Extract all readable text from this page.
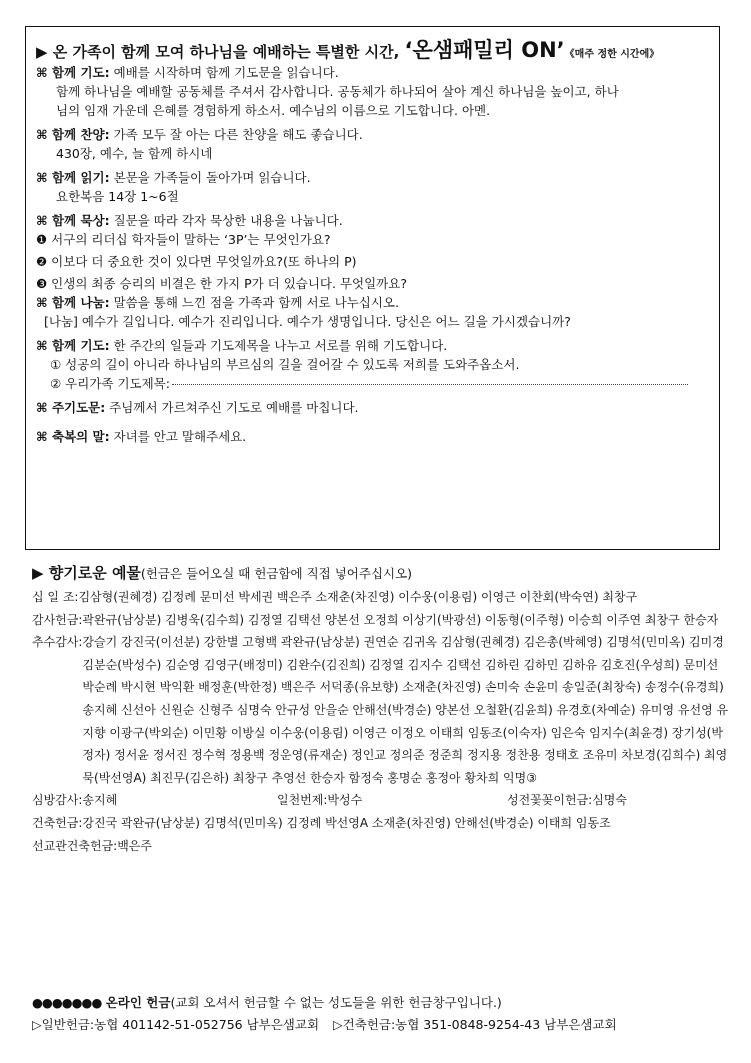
▶ 온 가족이 함께 모여 하나님을 예배하는 특별한 시간, ‘온샘패밀리 ON’《매주 정한 시간에》
⌘ 함께 기도: 예배를 시작하며 함께 기도문을 읽습니다.
함께 하나님을 예배할 공동체를 주셔서 감사합니다. 공동체가 하나되어 살아 계신 하나님을 높이고, 하나
님의 임재 가운데 은혜를 경험하게 하소서. 예수님의 이름으로 기도합니다. 아멘.
⌘ 함께 찬양: 가족 모두 잘 아는 다른 찬양을 해도 좋습니다.
430장, 예수, 늘 함께 하시네
⌘ 함께 읽기: 본문을 가족들이 돌아가며 읽습니다.
요한복음 14장 1~6절
⌘ 함께 묵상: 질문을 따라 각자 묵상한 내용을 나눕니다.
❶ 서구의 리더십 학자들이 말하는 ‘3P’는 무엇인가요?
❷ 이보다 더 중요한 것이 있다면 무엇일까요?(또 하나의 P)
❸ 인생의 최종 승리의 비결은 한 가지 P가 더 있습니다. 무엇일까요?
⌘ 함께 나눔: 말씀을 통해 느낀 점을 가족과 함께 서로 나누십시오.
[나눔] 예수가 길입니다. 예수가 진리입니다. 예수가 생명입니다. 당신은 어느 길을 가시겠습니까?
⌘ 함께 기도: 한 주간의 일들과 기도제목을 나누고 서로를 위해 기도합니다.
① 성공의 길이 아니라 하나님의 부르심의 길을 걸어갈 수 있도록 저희를 도와주옵소서.
② 우리가족 기도제목:
⌘ 주기도문: 주님께서 가르쳐주신 기도로 예배를 마칩니다.
⌘ 축복의 말: 자녀를 안고 말해주세요.
▶ 향기로운 예물(헌금은 들어오실 때 헌금함에 직접 넣어주십시오)
십 일 조: 김삼형(권혜경) 김정례 문미선 박세권 백은주 소재춘(차진영) 이수웅(이용림) 이영근 이찬회(박숙연) 최창구
감사헌금: 곽완규(남상분) 김병욱(김수희) 김정열 김택선 양본선 오정희 이상기(박광선) 이동형(이주형) 이승희 이주연 최창구 한승자
추수감사: 강슬기 강진국(이선분) 강한별 고형백 곽완규(남상분) 권연순 김귀옥 김삼형(권혜경) 김은총(박혜영) 김명석(민미옥) 김미경 김분순(박성수) 김순영 김영구(배정미) 김완수(김진희) 김정열 김지수 김택선 김하린 김하민 김하유 김호진(우성희) 문미선 박순례 박시현 박익환 배정훈(박한정) 백은주 서덕종(유보향) 소재춘(차진영) 손미숙 손윤미 송일준(최창숙) 송정수(유경희) 송지혜 신선아 신원순 신형주 심명숙 안규성 안을순 안해선(박경순) 양본선 오철환(김윤희) 유경호(차예순) 유미영 유선영 유지향 이광구(박외순) 이민황 이방실 이수웅(이용림) 이영근 이정오 이태희 임동조(이숙자) 임은숙 임지수(최윤경) 장기성(박정자) 정서윤 정서진 정수혁 정용백 정운영(류재순) 정인교 정의준 정준희 정지용 정찬용 정태호 조유미 차보경(김희수) 최영묵(박선영A) 최진무(김은하) 최창구 추영선 한승자 함정숙 홍명순 홍정아 황차희 익명③
심방감사:송지혜	일천번제:박성수	성전꽃꽂이헌금:심명숙
건축헌금: 강진국 곽완규(남상분) 김명석(민미옥) 김정례 박선영A 소재춘(차진영) 안해선(박경순) 이태희 임동조
선교관건축헌금: 백은주
●●●●●●● 온라인 헌금(교회 오셔서 헌금할 수 없는 성도들을 위한 헌금창구입니다.)
▷일반헌금:농협 401142-51-052756 남부은샘교회 ▷건축헌금:농협 351-0848-9254-43 남부은샘교회
